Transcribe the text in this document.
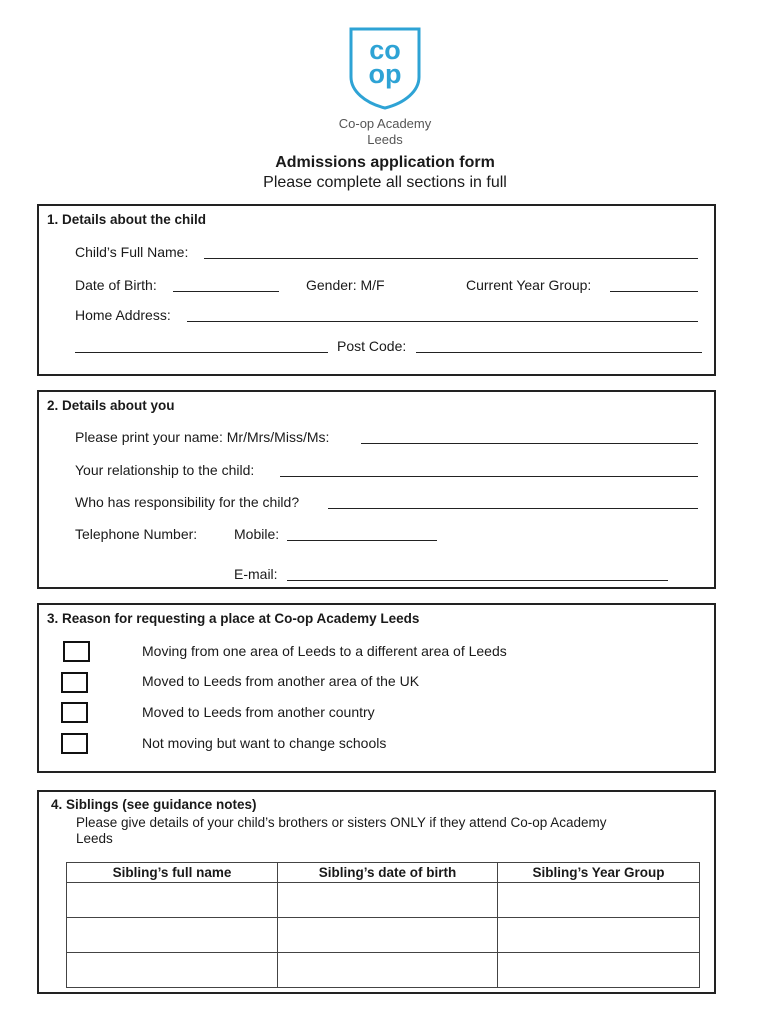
co
op
Co-op Academy
Leeds
Admissions application form
Please complete all sections in full
1. Details about the child
Child’s Full Name:
Date of Birth:	Gender: M/F	Current Year Group:
Home Address:
Post Code:
2. Details about you
Please print your name: Mr/Mrs/Miss/Ms:
Your relationship to the child:
Who has responsibility for the child?
Telephone Number:	Mobile:
E-mail:
3. Reason for requesting a place at Co-op Academy Leeds
Moving from one area of Leeds to a different area of Leeds
Moved to Leeds from another area of the UK
Moved to Leeds from another country
Not moving but want to change schools
4. Siblings (see guidance notes)
Please give details of your child’s brothers or sisters ONLY if they attend Co-op Academy
Leeds
Sibling’s full name	Sibling’s date of birth	Sibling’s Year Group
